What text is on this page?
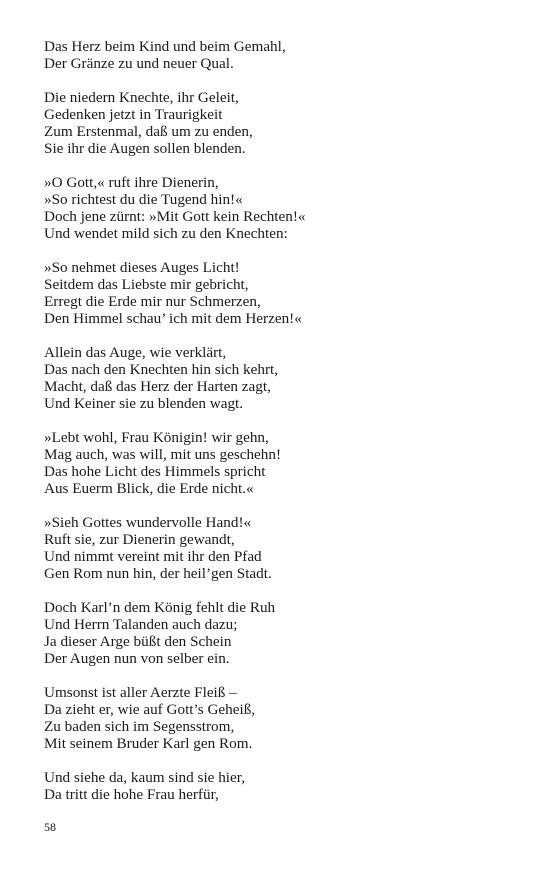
Das Herz beim Kind und beim Gemahl,
Der Gränze zu und neuer Qual.
Die niedern Knechte, ihr Geleit,
Gedenken jetzt in Traurigkeit
Zum Erstenmal, daß um zu enden,
Sie ihr die Augen sollen blenden.
»O Gott,« ruft ihre Dienerin,
»So richtest du die Tugend hin!«
Doch jene zürnt: »Mit Gott kein Rechten!«
Und wendet mild sich zu den Knechten:
»So nehmet dieses Auges Licht!
Seitdem das Liebste mir gebricht,
Erregt die Erde mir nur Schmerzen,
Den Himmel schau’ ich mit dem Herzen!«
Allein das Auge, wie verklärt,
Das nach den Knechten hin sich kehrt,
Macht, daß das Herz der Harten zagt,
Und Keiner sie zu blenden wagt.
»Lebt wohl, Frau Königin! wir gehn,
Mag auch, was will, mit uns geschehn!
Das hohe Licht des Himmels spricht
Aus Euerm Blick, die Erde nicht.«
»Sieh Gottes wundervolle Hand!«
Ruft sie, zur Dienerin gewandt,
Und nimmt vereint mit ihr den Pfad
Gen Rom nun hin, der heil’gen Stadt.
Doch Karl’n dem König fehlt die Ruh
Und Herrn Talanden auch dazu;
Ja dieser Arge büßt den Schein
Der Augen nun von selber ein.
Umsonst ist aller Aerzte Fleiß –
Da zieht er, wie auf Gott’s Geheiß,
Zu baden sich im Segensstrom,
Mit seinem Bruder Karl gen Rom.
Und siehe da, kaum sind sie hier,
Da tritt die hohe Frau herfür,
58
